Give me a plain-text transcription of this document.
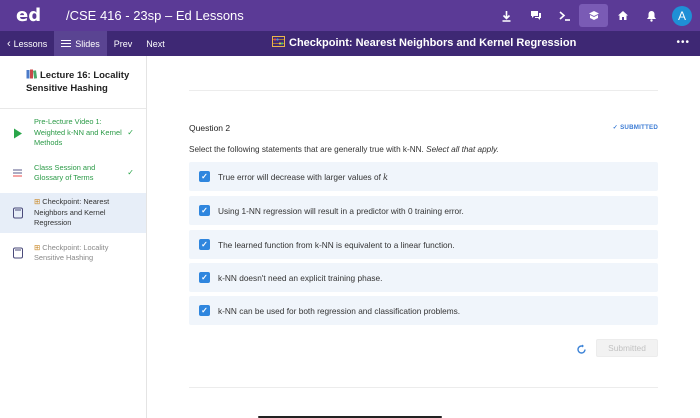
ed	/CSE 416 - 23sp – Ed Lessons	A
‹ Lessons	Slides	Prev	Next	Checkpoint: Nearest Neighbors and Kernel Regression	•••
Lecture 16: Locality Sensitive Hashing
Pre-Lecture Video 1: Weighted k-NN and Kernel Methods
✓
Class Session and Glossary of Terms
✓
⊞ Checkpoint: Nearest Neighbors and Kernel Regression
⊞ Checkpoint: Locality Sensitive Hashing
Question 2	✓ SUBMITTED
Select the following statements that are generally true with k-NN. Select all that apply.
✓ True error will decrease with larger values of k
✓ Using 1-NN regression will result in a predictor with 0 training error.
✓ The learned function from k-NN is equivalent to a linear function.
✓ k-NN doesn't need an explicit training phase.
✓ k-NN can be used for both regression and classification problems.
Submitted
